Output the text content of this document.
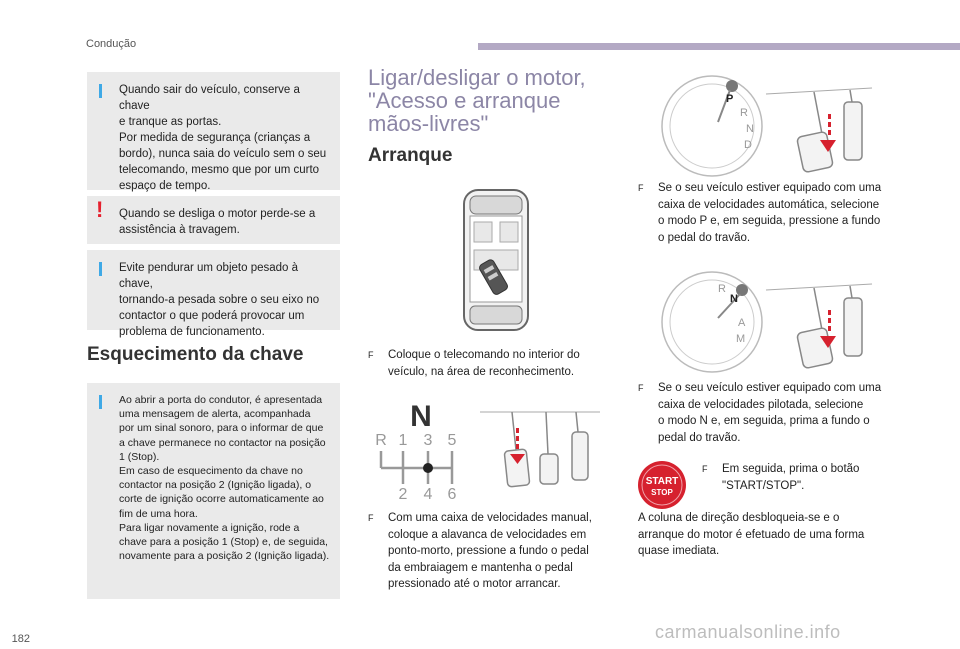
Condução

Quando sair do veículo, conserve a chave
e tranque as portas.
Por medida de segurança (crianças a
bordo), nunca saia do veículo sem o seu
telecomando, mesmo que por um curto
espaço de tempo.

! Quando se desliga o motor perde-se a
assistência à travagem.

Evite pendurar um objeto pesado à chave,
tornando-a pesada sobre o seu eixo no
contactor o que poderá provocar um
problema de funcionamento.

Esquecimento da chave

Ao abrir a porta do condutor, é apresentada
uma mensagem de alerta, acompanhada
por um sinal sonoro, para o informar de que
a chave permanece no contactor na posição
1 (Stop).
Em caso de esquecimento da chave no
contactor na posição 2 (Ignição ligada), o
corte de ignição ocorre automaticamente ao
fim de uma hora.
Para ligar novamente a ignição, rode a
chave para a posição 1 (Stop) e, de seguida,
novamente para a posição 2 (Ignição ligada).

Ligar/desligar o motor,
"Acesso e arranque
mãos-livres"
Arranque
F Coloque o telecomando no interior do
veículo, na área de reconhecimento.
N
R 1 3 5
2 4 6
F Com uma caixa de velocidades manual,
coloque a alavanca de velocidades em
ponto-morto, pressione a fundo o pedal
da embraiagem e mantenha o pedal
pressionado até o motor arrancar.
P
R
N
D
F Se o seu veículo estiver equipado com uma
caixa de velocidades automática, selecione
o modo P e, em seguida, pressione a fundo
o pedal do travão.
R
N
A
M
F Se o seu veículo estiver equipado com uma
caixa de velocidades pilotada, selecione
o modo N e, em seguida, prima a fundo o
pedal do travão.
START
STOP
F Em seguida, prima o botão
"START/STOP".
A coluna de direção desbloqueia-se e o
arranque do motor é efetuado de uma forma
quase imediata.
182	carmanualsonline.info
